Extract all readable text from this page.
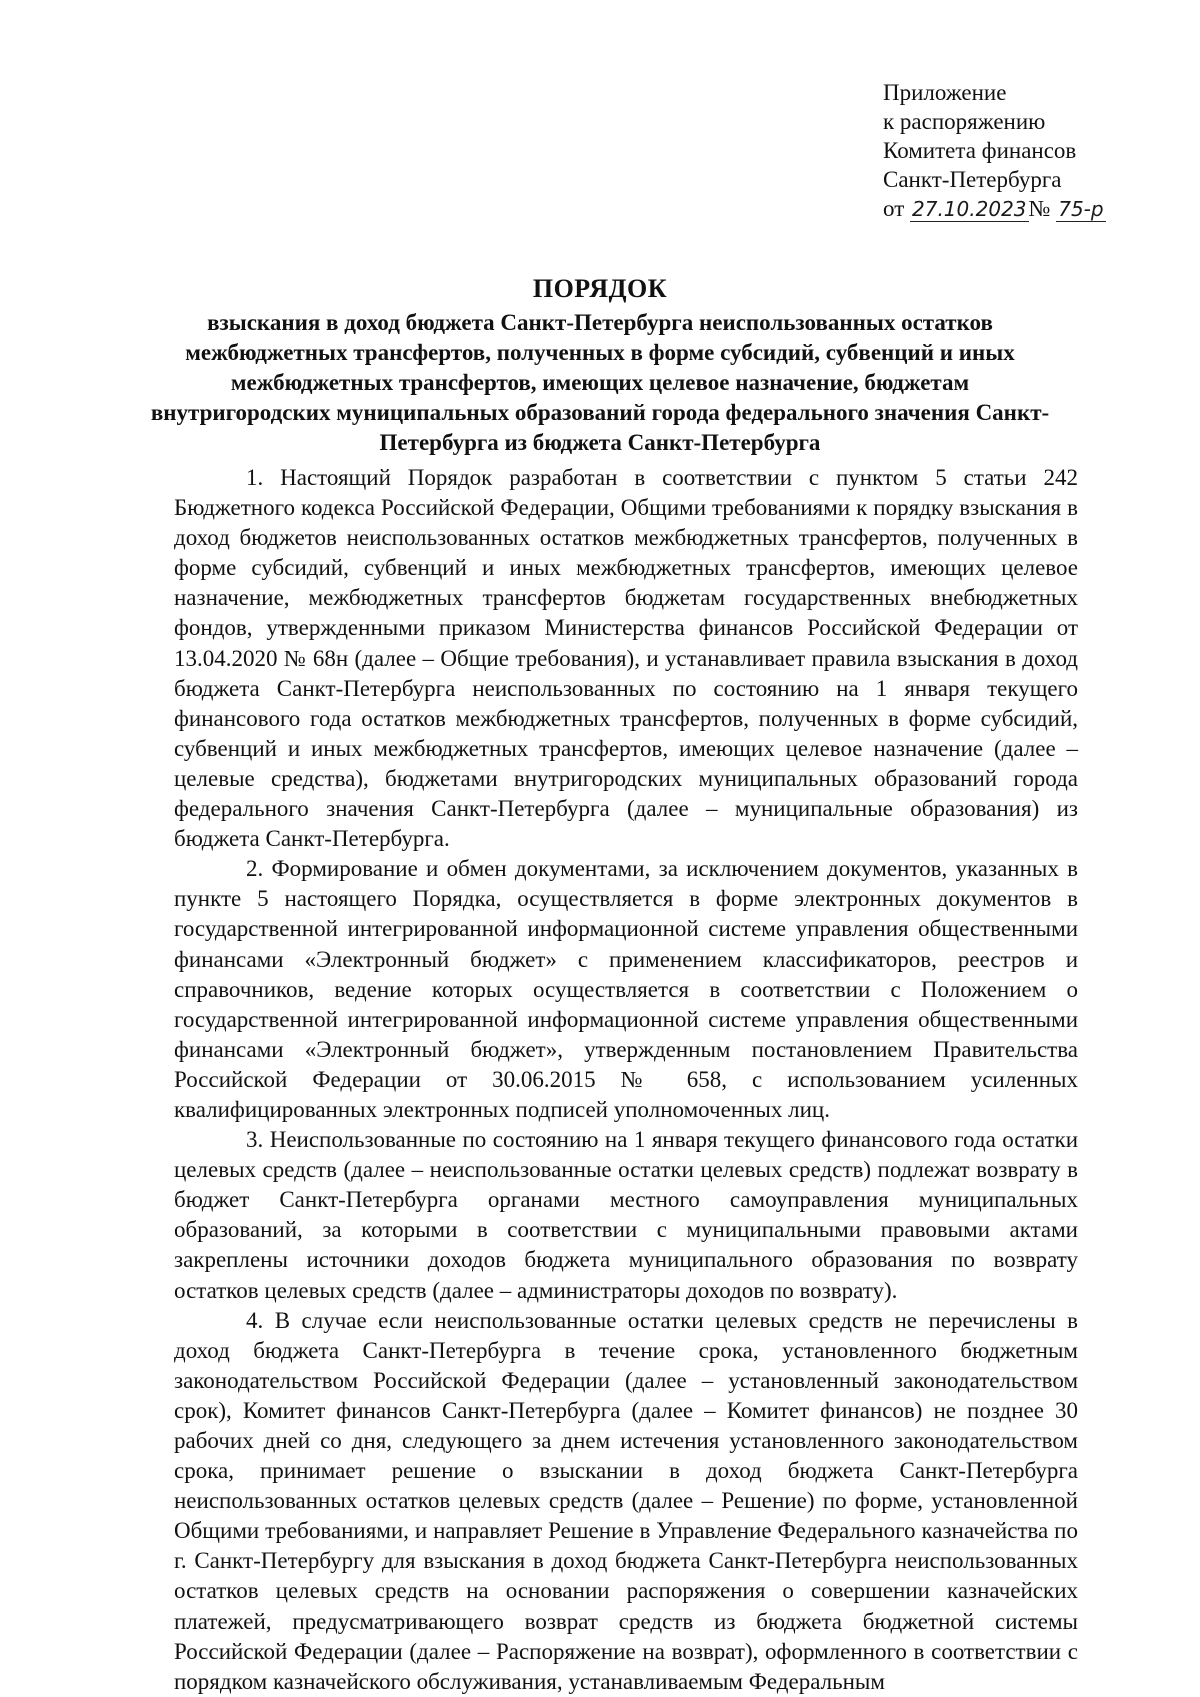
Приложение
к распоряжению
Комитета финансов
Санкт-Петербурга
от 27.10.2023№ 75-р
ПОРЯДОК
взыскания в доход бюджета Санкт-Петербурга неиспользованных остатков межбюджетных трансфертов, полученных в форме субсидий, субвенций и иных межбюджетных трансфертов, имеющих целевое назначение, бюджетам внутригородских муниципальных образований города федерального значения Санкт-Петербурга из бюджета Санкт-Петербурга

1. Настоящий Порядок разработан в соответствии с пунктом 5 статьи 242 Бюджетного кодекса Российской Федерации, Общими требованиями к порядку взыскания в доход бюджетов неиспользованных остатков межбюджетных трансфертов, полученных в форме субсидий, субвенций и иных межбюджетных трансфертов, имеющих целевое назначение, межбюджетных трансфертов бюджетам государственных внебюджетных фондов, утвержденными приказом Министерства финансов Российской Федерации от 13.04.2020 № 68н (далее – Общие требования), и устанавливает правила взыскания в доход бюджета Санкт-Петербурга неиспользованных по состоянию на 1 января текущего финансового года остатков межбюджетных трансфертов, полученных в форме субсидий, субвенций и иных межбюджетных трансфертов, имеющих целевое назначение (далее – целевые средства), бюджетами внутригородских муниципальных образований города федерального значения Санкт-Петербурга (далее – муниципальные образования) из бюджета Санкт-Петербурга.

2. Формирование и обмен документами, за исключением документов, указанных в пункте 5 настоящего Порядка, осуществляется в форме электронных документов в государственной интегрированной информационной системе управления общественными финансами «Электронный бюджет» с применением классификаторов, реестров и справочников, ведение которых осуществляется в соответствии с Положением о государственной интегрированной информационной системе управления общественными финансами «Электронный бюджет», утвержденным постановлением Правительства Российской Федерации от 30.06.2015 № 658, с использованием усиленных квалифицированных электронных подписей уполномоченных лиц.

3. Неиспользованные по состоянию на 1 января текущего финансового года остатки целевых средств (далее – неиспользованные остатки целевых средств) подлежат возврату в бюджет Санкт-Петербурга органами местного самоуправления муниципальных образований, за которыми в соответствии с муниципальными правовыми актами закреплены источники доходов бюджета муниципального образования по возврату остатков целевых средств (далее – администраторы доходов по возврату).

4. В случае если неиспользованные остатки целевых средств не перечислены в доход бюджета Санкт-Петербурга в течение срока, установленного бюджетным законодательством Российской Федерации (далее – установленный законодательством срок), Комитет финансов Санкт-Петербурга (далее – Комитет финансов) не позднее 30 рабочих дней со дня, следующего за днем истечения установленного законодательством срока, принимает решение о взыскании в доход бюджета Санкт-Петербурга неиспользованных остатков целевых средств (далее – Решение) по форме, установленной Общими требованиями, и направляет Решение в Управление Федерального казначейства по г. Санкт-Петербургу для взыскания в доход бюджета Санкт-Петербурга неиспользованных остатков целевых средств на основании распоряжения о совершении казначейских платежей, предусматривающего возврат средств из бюджета бюджетной системы Российской Федерации (далее – Распоряжение на возврат), оформленного в соответствии с порядком казначейского обслуживания, устанавливаемым Федеральным
